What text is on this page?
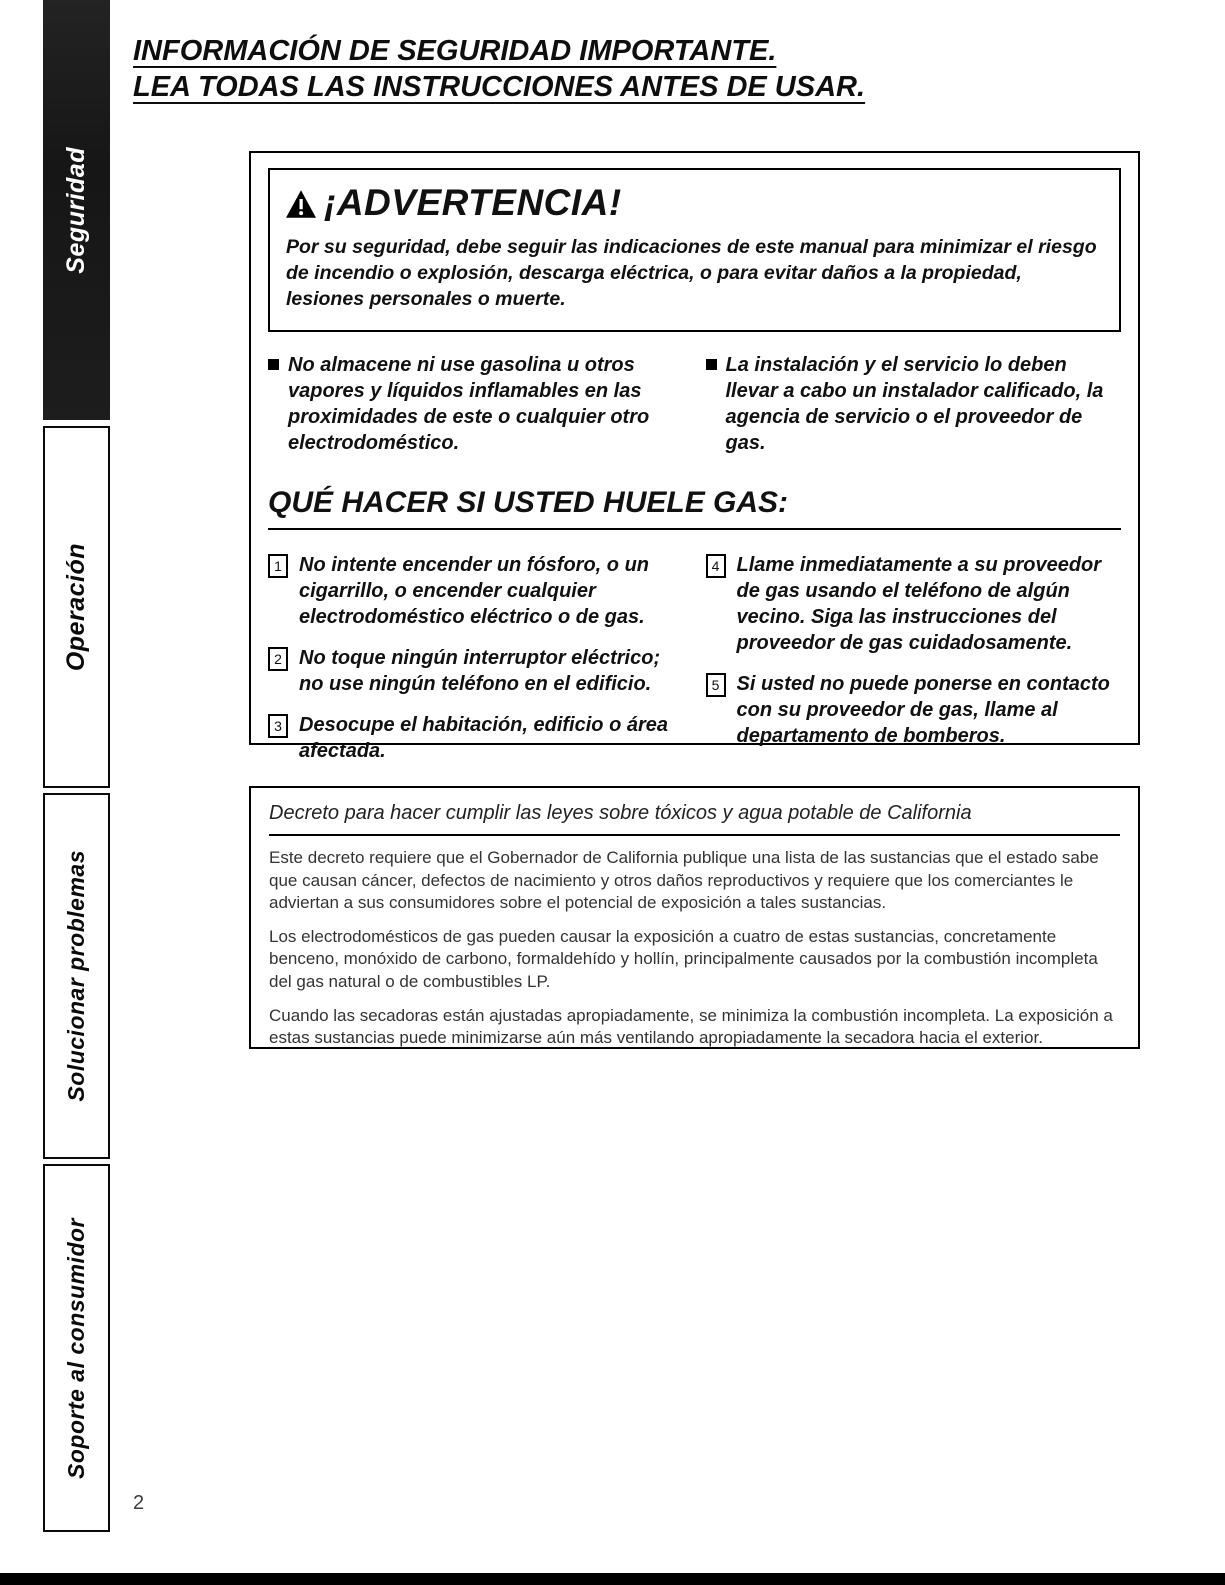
Seguridad
Operación
Solucionar problemas
Soporte al consumidor
INFORMACIÓN DE SEGURIDAD IMPORTANTE.
LEA TODAS LAS INSTRUCCIONES ANTES DE USAR.
¡ADVERTENCIA!
Por su seguridad, debe seguir las indicaciones de este manual para minimizar el riesgo de incendio o explosión, descarga eléctrica, o para evitar daños a la propiedad, lesiones personales o muerte.
No almacene ni use gasolina u otros vapores y líquidos inflamables en las proximidades de este o cualquier otro electrodoméstico.
La instalación y el servicio lo deben llevar a cabo un instalador calificado, la agencia de servicio o el proveedor de gas.
QUÉ HACER SI USTED HUELE GAS:
1 No intente encender un fósforo, o un cigarrillo, o encender cualquier electrodoméstico eléctrico o de gas.
2 No toque ningún interruptor eléctrico; no use ningún teléfono en el edificio.
3 Desocupe el habitación, edificio o área afectada.
4 Llame inmediatamente a su proveedor de gas usando el teléfono de algún vecino. Siga las instrucciones del proveedor de gas cuidadosamente.
5 Si usted no puede ponerse en contacto con su proveedor de gas, llame al departamento de bomberos.
Decreto para hacer cumplir las leyes sobre tóxicos y agua potable de California
Este decreto requiere que el Gobernador de California publique una lista de las sustancias que el estado sabe que causan cáncer, defectos de nacimiento y otros daños reproductivos y requiere que los comerciantes le adviertan a sus consumidores sobre el potencial de exposición a tales sustancias.
Los electrodomésticos de gas pueden causar la exposición a cuatro de estas sustancias, concretamente benceno, monóxido de carbono, formaldehído y hollín, principalmente causados por la combustión incompleta del gas natural o de combustibles LP.
Cuando las secadoras están ajustadas apropiadamente, se minimiza la combustión incompleta. La exposición a estas sustancias puede minimizarse aún más ventilando apropiadamente la secadora hacia el exterior.
2
